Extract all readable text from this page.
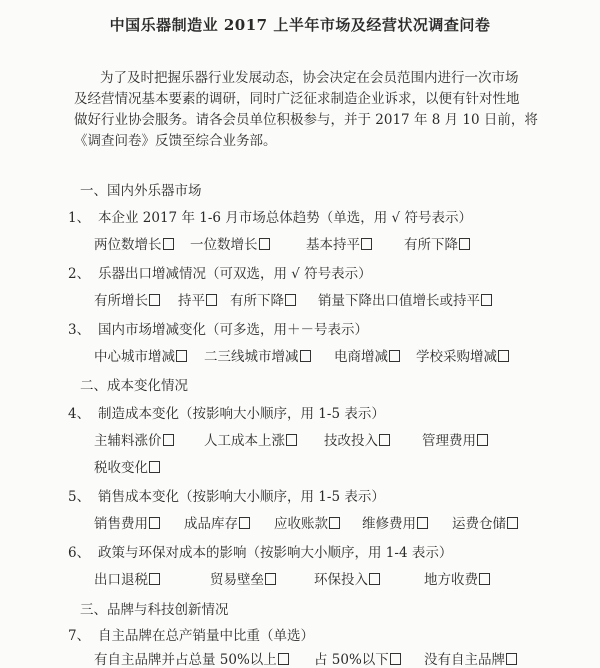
中国乐器制造业 2017 上半年市场及经营状况调查问卷

为了及时把握乐器行业发展动态，协会决定在会员范围内进行一次市场

及经营情况基本要素的调研，同时广泛征求制造企业诉求，以便有针对性地

做好行业协会服务。请各会员单位积极参与，并于 2017 年 8 月 10 日前，将

《调查问卷》反馈至综合业务部。

一、国内外乐器市场
1、 本企业 2017 年 1-6 月市场总体趋势（单选，用 √ 符号表示）
两位数增长	一位数增长	基本持平	有所下降
2、 乐器出口增减情况（可双选，用 √ 符号表示）
有所增长	持平	有所下降	销量下降出口值增长或持平
3、 国内市场增减变化（可多选，用＋－号表示）
中心城市增减	二三线城市增减	电商增减	学校采购增减
二、成本变化情况
4、 制造成本变化（按影响大小顺序，用 1-5 表示）
主辅料涨价	人工成本上涨	技改投入	管理费用
税收变化
5、 销售成本变化（按影响大小顺序，用 1-5 表示）
销售费用	成品库存	应收账款	维修费用	运费仓储
6、 政策与环保对成本的影响（按影响大小顺序，用 1-4 表示）
出口退税	贸易壁垒	环保投入	地方收费
三、品牌与科技创新情况
7、 自主品牌在总产销量中比重（单选）
有自主品牌并占总量 50%以上	占 50%以下	没有自主品牌
